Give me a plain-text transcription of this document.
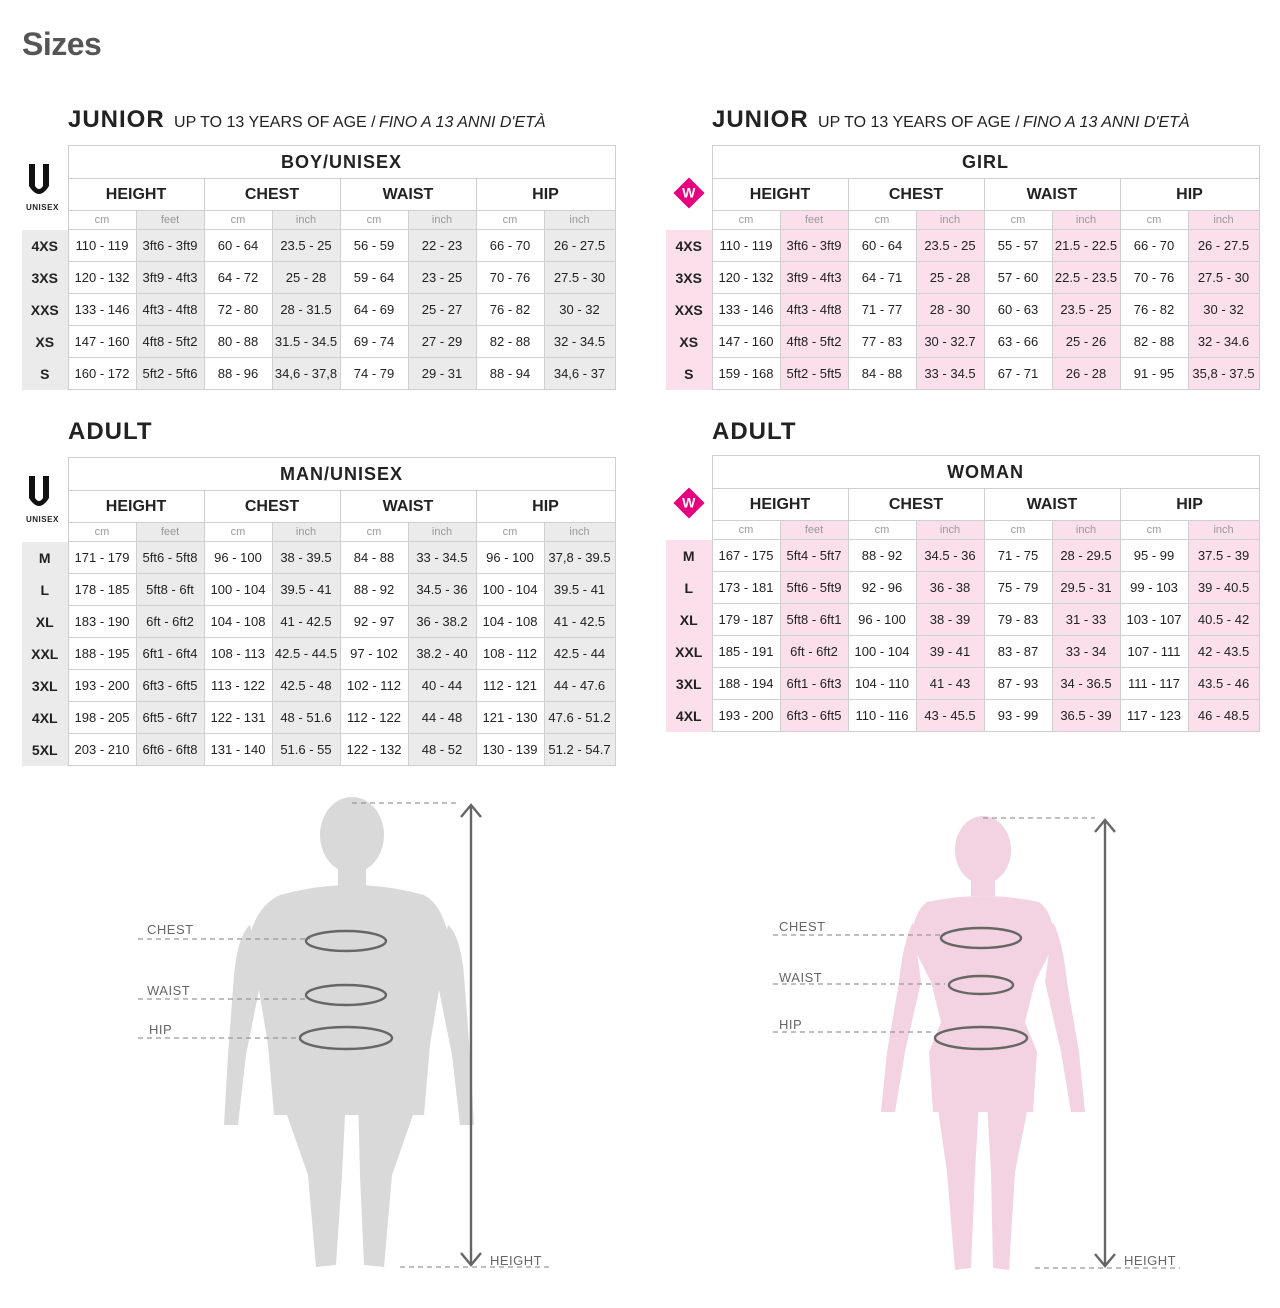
Sizes
JUNIOR UP TO 13 YEARS OF AGE / FINO A 13 ANNI D'ETÀ	JUNIOR UP TO 13 YEARS OF AGE / FINO A 13 ANNI D'ETÀ
ADULT	ADULT
UNISEX
UNISEX
W
W
	BOY/UNISEX							
	HEIGHT		CHEST		WAIST		HIP	
	cm	feet	cm	inch	cm	inch	cm	inch
4XS	110 - 119	3ft6 - 3ft9	60 - 64	23.5 - 25	56 - 59	22 - 23	66 - 70	26 - 27.5
3XS	120 - 132	3ft9 - 4ft3	64 - 72	25 - 28	59 - 64	23 - 25	70 - 76	27.5 - 30
XXS	133 - 146	4ft3 - 4ft8	72 - 80	28 - 31.5	64 - 69	25 - 27	76 - 82	30 - 32
XS	147 - 160	4ft8 - 5ft2	80 - 88	31.5 - 34.5	69 - 74	27 - 29	82 - 88	32 - 34.5
S	160 - 172	5ft2 - 5ft6	88 - 96	34,6 - 37,8	74 - 79	29 - 31	88 - 94	34,6 - 37
	GIRL							
	HEIGHT		CHEST		WAIST		HIP	
	cm	feet	cm	inch	cm	inch	cm	inch
4XS	110 - 119	3ft6 - 3ft9	60 - 64	23.5 - 25	55 - 57	21.5 - 22.5	66 - 70	26 - 27.5
3XS	120 - 132	3ft9 - 4ft3	64 - 71	25 - 28	57 - 60	22.5 - 23.5	70 - 76	27.5 - 30
XXS	133 - 146	4ft3 - 4ft8	71 - 77	28 - 30	60 - 63	23.5 - 25	76 - 82	30 - 32
XS	147 - 160	4ft8 - 5ft2	77 - 83	30 - 32.7	63 - 66	25 - 26	82 - 88	32 - 34.6
S	159 - 168	5ft2 - 5ft5	84 - 88	33 - 34.5	67 - 71	26 - 28	91 - 95	35,8 - 37.5
	MAN/UNISEX							
	HEIGHT		CHEST		WAIST		HIP	
	cm	feet	cm	inch	cm	inch	cm	inch
M	171 - 179	5ft6 - 5ft8	96 - 100	38 - 39.5	84 - 88	33 - 34.5	96 - 100	37,8 - 39.5
L	178 - 185	5ft8 - 6ft	100 - 104	39.5 - 41	88 - 92	34.5 - 36	100 - 104	39.5 - 41
XL	183 - 190	6ft - 6ft2	104 - 108	41 - 42.5	92 - 97	36 - 38.2	104 - 108	41 - 42.5
XXL	188 - 195	6ft1 - 6ft4	108 - 113	42.5 - 44.5	97 - 102	38.2 - 40	108 - 112	42.5 - 44
3XL	193 - 200	6ft3 - 6ft5	113 - 122	42.5 - 48	102 - 112	40 - 44	112 - 121	44 - 47.6
4XL	198 - 205	6ft5 - 6ft7	122 - 131	48 - 51.6	112 - 122	44 - 48	121 - 130	47.6 - 51.2
5XL	203 - 210	6ft6 - 6ft8	131 - 140	51.6 - 55	122 - 132	48 - 52	130 - 139	51.2 - 54.7
	WOMAN							
	HEIGHT		CHEST		WAIST		HIP	
	cm	feet	cm	inch	cm	inch	cm	inch
M	167 - 175	5ft4 - 5ft7	88 - 92	34.5 - 36	71 - 75	28 - 29.5	95 - 99	37.5 - 39
L	173 - 181	5ft6 - 5ft9	92 - 96	36 - 38	75 - 79	29.5 - 31	99 - 103	39 - 40.5
XL	179 - 187	5ft8 - 6ft1	96 - 100	38 - 39	79 - 83	31 - 33	103 - 107	40.5 - 42
XXL	185 - 191	6ft - 6ft2	100 - 104	39 - 41	83 - 87	33 - 34	107 - 111	42 - 43.5
3XL	188 - 194	6ft1 - 6ft3	104 - 110	41 - 43	87 - 93	34 - 36.5	111 - 117	43.5 - 46
4XL	193 - 200	6ft3 - 6ft5	110 - 116	43 - 45.5	93 - 99	36.5 - 39	117 - 123	46 - 48.5
CHEST
WAIST
HIP
HEIGHT
CHEST
WAIST
HIP
HEIGHT
